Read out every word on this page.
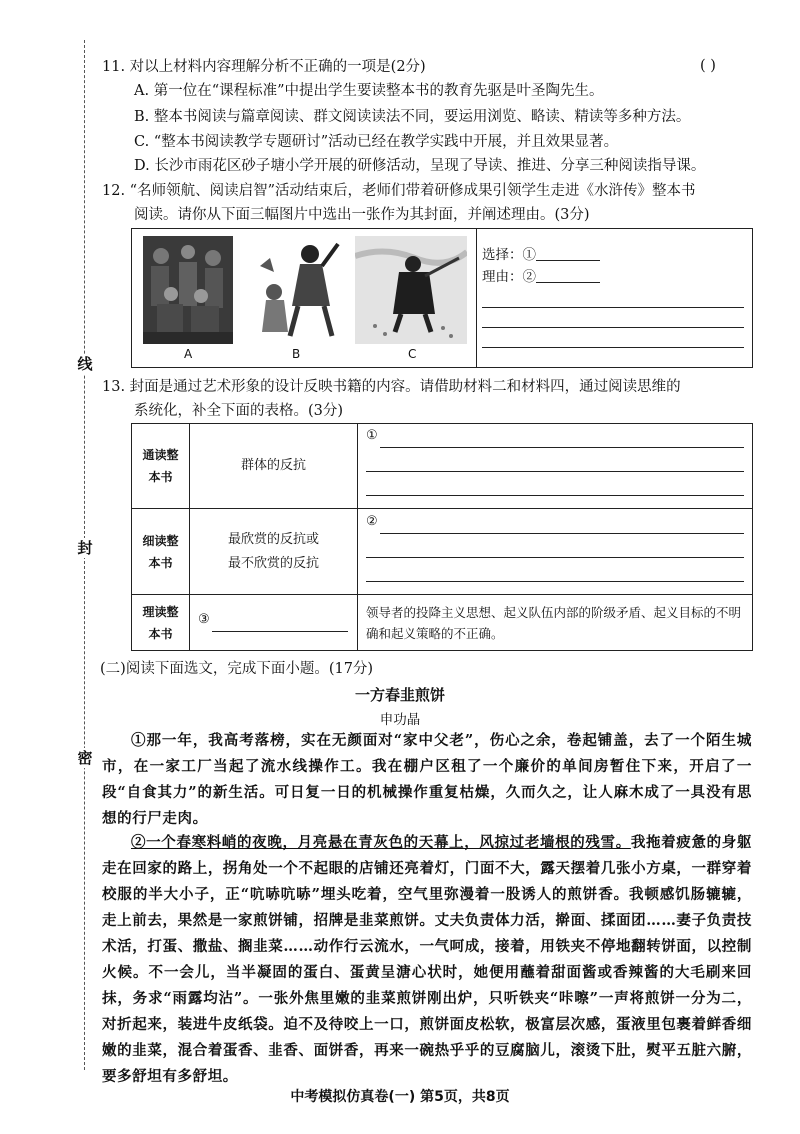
线
封
密
11. 对以上材料内容理解分析不正确的一项是(2分)	( )
A. 第一位在“课程标准”中提出学生要读整本书的教育先驱是叶圣陶先生。
B. 整本书阅读与篇章阅读、群文阅读读法不同，要运用浏览、略读、精读等多种方法。
C. “整本书阅读教学专题研讨”活动已经在教学实践中开展，并且效果显著。
D. 长沙市雨花区砂子塘小学开展的研修活动，呈现了导读、推进、分享三种阅读指导课。
12. “名师领航、阅读启智”活动结束后，老师们带着研修成果引领学生走进《水浒传》整本书
阅读。请你从下面三幅图片中选出一张作为其封面，并阐述理由。(3分)
A	B	C
选择：①
理由：②
13. 封面是通过艺术形象的设计反映书籍的内容。请借助材料二和材料四，通过阅读思维的
系统化，补全下面的表格。(3分)
通读整
本书	群体的反抗	①

细读整
本书	最欣赏的反抗或
最不欣赏的反抗	②

理读整
本书	③	领导者的投降主义思想、起义队伍内部的阶级矛盾、起义目标的不明确和起义策略的不正确。
(二)阅读下面选文，完成下面小题。(17分)
一方春韭煎饼
申功晶
①那一年，我高考落榜，实在无颜面对“家中父老”，伤心之余，卷起铺盖，去了一个陌生城市，在一家工厂当起了流水线操作工。我在棚户区租了一个廉价的单间房暂住下来，开启了一段“自食其力”的新生活。可日复一日的机械操作重复枯燥，久而久之，让人麻木成了一具没有思想的行尸走肉。
②一个春寒料峭的夜晚，月亮悬在青灰色的天幕上，风掠过老墙根的残雪。我拖着疲惫的身躯走在回家的路上，拐角处一个不起眼的店铺还亮着灯，门面不大，露天摆着几张小方桌，一群穿着校服的半大小子，正“吭哧吭哧”埋头吃着，空气里弥漫着一股诱人的煎饼香。我顿感饥肠辘辘，走上前去，果然是一家煎饼铺，招牌是韭菜煎饼。丈夫负责体力活，擀面、揉面团……妻子负责技术活，打蛋、撒盐、搁韭菜……动作行云流水，一气呵成，接着，用铁夹不停地翻转饼面，以控制火候。不一会儿，当半凝固的蛋白、蛋黄呈溏心状时，她便用蘸着甜面酱或香辣酱的大毛刷来回抹，务求“雨露均沾”。一张外焦里嫩的韭菜煎饼刚出炉，只听铁夹“咔嚓”一声将煎饼一分为二，对折起来，装进牛皮纸袋。迫不及待咬上一口，煎饼面皮松软，极富层次感，蛋液里包裹着鲜香细嫩的韭菜，混合着蛋香、韭香、面饼香，再来一碗热乎乎的豆腐脑儿，滚烫下肚，熨平五脏六腑，要多舒坦有多舒坦。
中考模拟仿真卷(一) 第5页，共8页
